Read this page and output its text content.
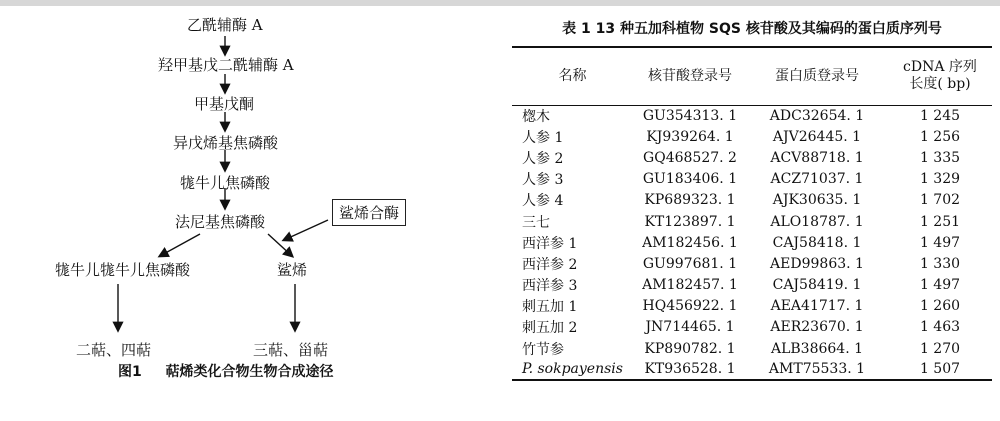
乙酰辅酶 A
羟甲基戊二酰辅酶 A
甲基戊酮
异戊烯基焦磷酸
牻牛儿焦磷酸
法尼基焦磷酸	鲨烯合酶
牻牛儿牻牛儿焦磷酸	鲨烯
二萜、四萜	三萜、甾萜
图1 萜烯类化合物生物合成途径
表 1 13 种五加科植物 SQS 核苷酸及其编码的蛋白质序列号
名称	核苷酸登录号	蛋白质登录号	cDNA 序列
长度( bp)
楤木	GU354313. 1	ADC32654. 1	1 245
人参 1	KJ939264. 1	AJV26445. 1	1 256
人参 2	GQ468527. 2	ACV88718. 1	1 335
人参 3	GU183406. 1	ACZ71037. 1	1 329
人参 4	KP689323. 1	AJK30635. 1	1 702
三七	KT123897. 1	ALO18787. 1	1 251
西洋参 1	AM182456. 1	CAJ58418. 1	1 497
西洋参 2	GU997681. 1	AED99863. 1	1 330
西洋参 3	AM182457. 1	CAJ58419. 1	1 497
刺五加 1	HQ456922. 1	AEA41717. 1	1 260
刺五加 2	JN714465. 1	AER23670. 1	1 463
竹节参	KP890782. 1	ALB38664. 1	1 270
P. sokpayensis	KT936528. 1	AMT75533. 1	1 507
